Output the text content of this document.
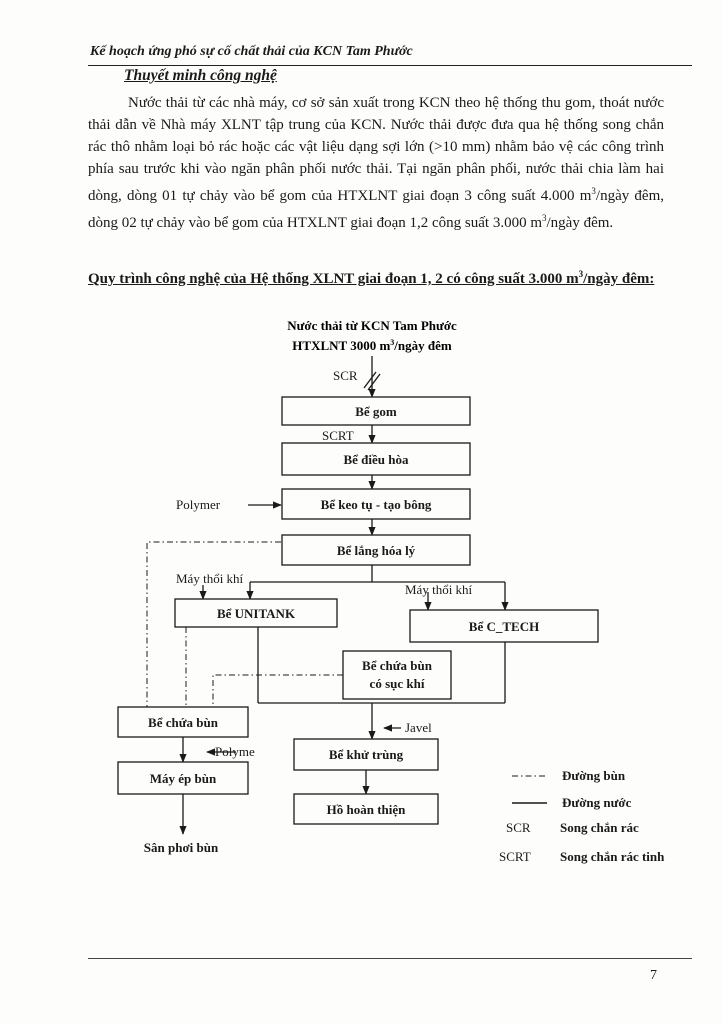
Kế hoạch ứng phó sự cố chất thải của KCN Tam Phước
Thuyết minh công nghệ

Nước thải từ các nhà máy, cơ sở sản xuất trong KCN theo hệ thống thu gom, thoát nước thải dẫn về Nhà máy XLNT tập trung của KCN. Nước thải được đưa qua hệ thống song chắn rác thô nhằm loại bỏ rác hoặc các vật liệu dạng sợi lớn (>10 mm) nhằm bảo vệ các công trình phía sau trước khi vào ngăn phân phối nước thải. Tại ngăn phân phối, nước thải chia làm hai dòng, dòng 01 tự chảy vào bể gom của HTXLNT giai đoạn 3 công suất 4.000 $m^3$/ngày đêm, dòng 02 tự chảy vào bể gom của HTXLNT giai đoạn 1,2 công suất 3.000 $m^3$/ngày đêm.

Quy trình công nghệ của Hệ thống XLNT giai đoạn 1, 2 có công suất 3.000 $m^3$/ngày đêm:

Nước thải từ KCN Tam Phước
HTXLNT 3000 $m^3$/ngày đêm
Bể gom
Bể điều hòa
Bể keo tụ - tạo bông
Bể lắng hóa lý
Bể UNITANK
Bể C_TECH
Bể chứa bùn
có sục khí
Bể chứa bùn
Máy ép bùn
Bể khử trùng
Hồ hoàn thiện
Sân phơi bùn
SCR
SCRT
Polymer
Máy thổi khí
Máy thổi khí
Javel
Polyme
Đường bùn
Đường nước
Song chắn rác
Song chắn rác tinh
SCR
SCRT
7
